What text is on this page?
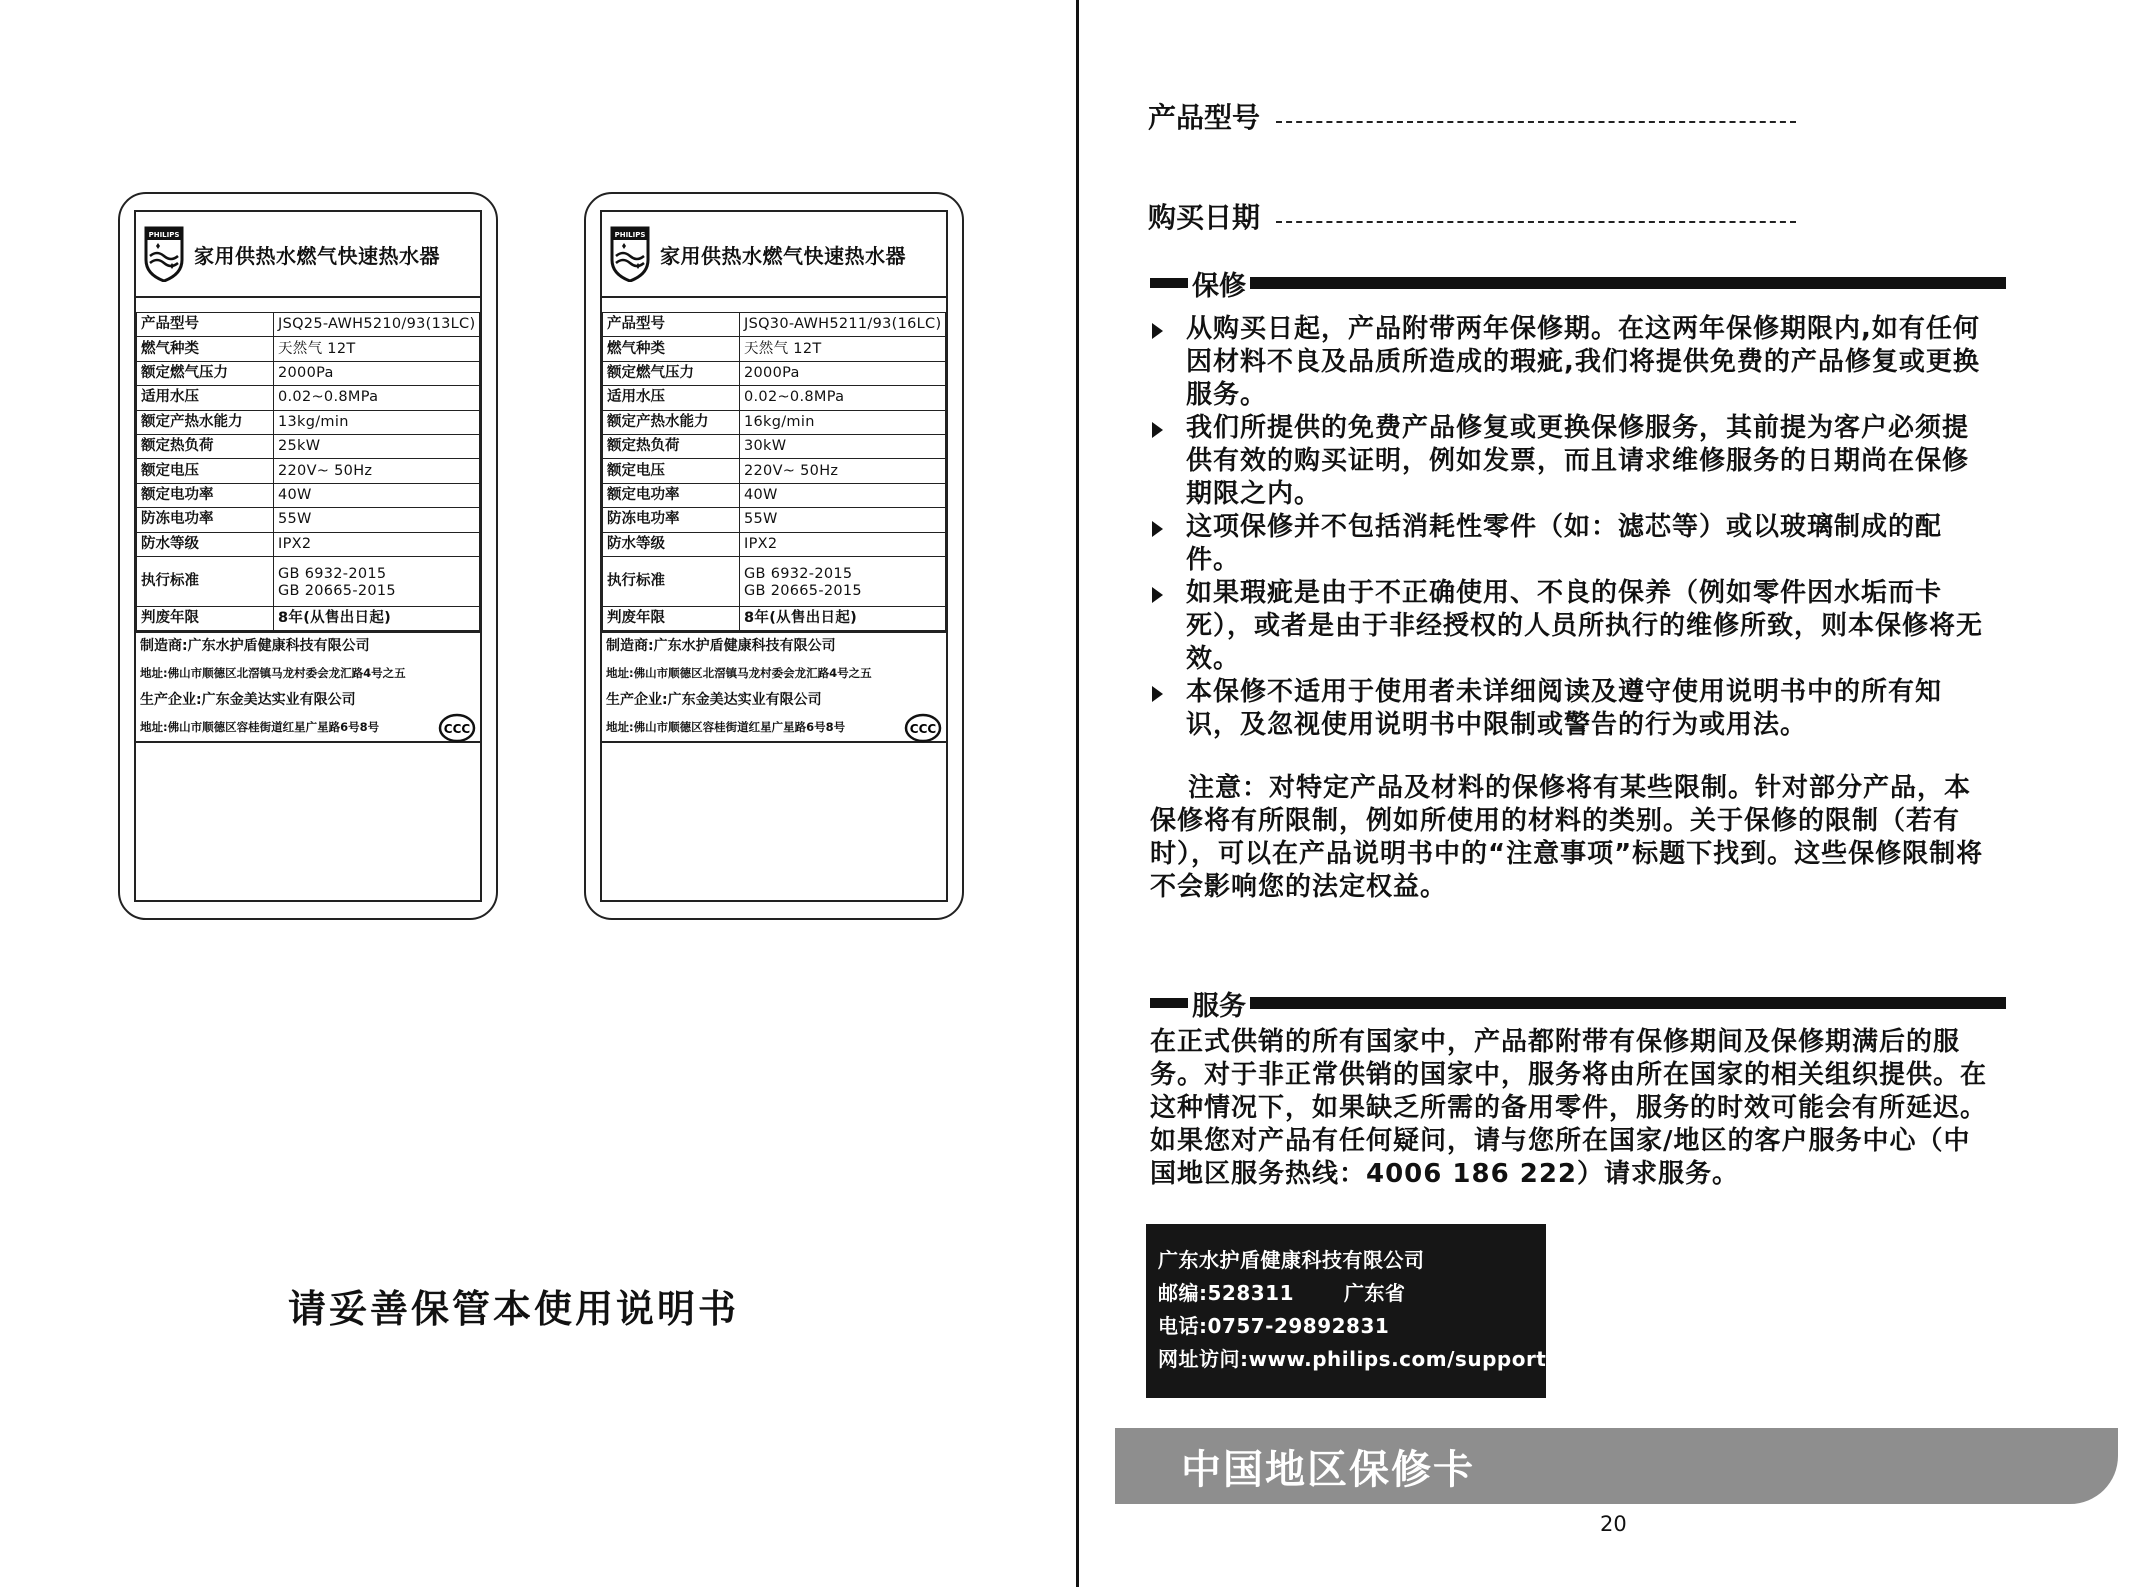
PHILIPS
家用供热水燃气快速热水器
产品型号	JSQ25-AWH5210/93(13LC)
燃气种类	天然气 12T
额定燃气压力	2000Pa
适用水压	0.02~0.8MPa
额定产热水能力	13kg/min
额定热负荷	25kW
额定电压	220V~ 50Hz
额定电功率	40W
防冻电功率	55W
防水等级	IPX2
执行标准	GB 6932-2015
GB 20665-2015

判废年限	8年(从售出日起)
制造商:广东水护盾健康科技有限公司
地址:佛山市顺德区北滘镇马龙村委会龙汇路4号之五
生产企业:广东金美达实业有限公司
地址:佛山市顺德区容桂街道红星广星路6号8号	CCC
PHILIPS
家用供热水燃气快速热水器
产品型号	JSQ30-AWH5211/93(16LC)
燃气种类	天然气 12T
额定燃气压力	2000Pa
适用水压	0.02~0.8MPa
额定产热水能力	16kg/min
额定热负荷	30kW
额定电压	220V~ 50Hz
额定电功率	40W
防冻电功率	55W
防水等级	IPX2
执行标准	GB 6932-2015
GB 20665-2015

判废年限	8年(从售出日起)
制造商:广东水护盾健康科技有限公司
地址:佛山市顺德区北滘镇马龙村委会龙汇路4号之五
生产企业:广东金美达实业有限公司
地址:佛山市顺德区容桂街道红星广星路6号8号	CCC
请妥善保管本使用说明书
产品型号
购买日期
保修
从购买日起，产品附带两年保修期。在这两年保修期限内,如有任何因材料不良及品质所造成的瑕疵,我们将提供免费的产品修复或更换服务。
我们所提供的免费产品修复或更换保修服务，其前提为客户必须提 供有效的购买证明，例如发票，而且请求维修服务的日期尚在保修期限之内。
这项保修并不包括消耗性零件（如：滤芯等）或以玻璃制成的配件。
如果瑕疵是由于不正确使用、不良的保养（例如零件因水垢而卡死），或者是由于非经授权的人员所执行的维修所致，则本保修将无效。
本保修不适用于使用者未详细阅读及遵守使用说明书中的所有知识，及忽视使用说明书中限制或警告的行为或用法。
注意：对特定产品及材料的保修将有某些限制。针对部分产品，本保修将有所限制，例如所使用的材料的类别。关于保修的限制（若有时），可以在产品说明书中的“注意事项”标题下找到。这些保修限制将不会影响您的法定权益。
服务
在正式供销的所有国家中，产品都附带有保修期间及保修期满后的服务。对于非正常供销的国家中，服务将由所在国家的相关组织提供。在这种情况下，如果缺乏所需的备用零件，服务的时效可能会有所延迟。如果您对产品有任何疑问，请与您所在国家/地区的客户服务中心（中国地区服务热线：4006 186 222）请求服务。
广东水护盾健康科技有限公司
邮编:528311	广东省
电话:0757-29892831
网址访问:www.philips.com/support
中国地区保修卡
20
